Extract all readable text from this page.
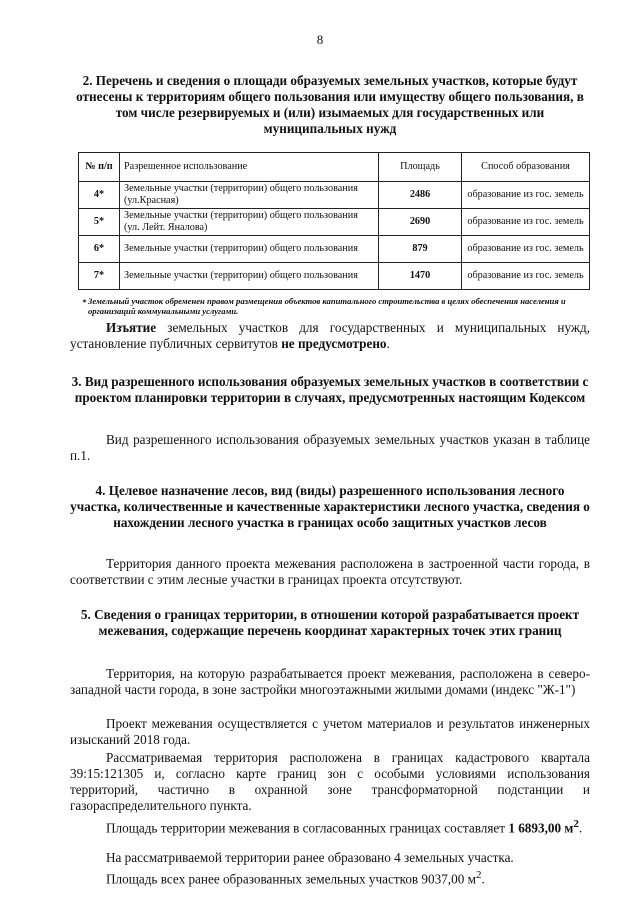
8
2. Перечень и сведения о площади образуемых земельных участков, которые будут отнесены к территориям общего пользования или имуществу общего пользования, в том числе резервируемых и (или) изымаемых для государственных или муниципальных нужд
№ п/п	Разрешенное использование	Площадь	Способ образования
4*	Земельные участки (территории) общего пользования (ул.Красная)	2486	образование из гос. земель
5*	Земельные участки (территории) общего пользования (ул. Лейт. Яналова)	2690	образование из гос. земель
6*	Земельные участки (территории) общего пользования	879	образование из гос. земель
7*	Земельные участки (территории) общего пользования	1470	образование из гос. земель
* Земельный участок обременен правом размещения объектов капитального строительства в целях обеспечения населения и организаций коммунальными услугами.
Изъятие земельных участков для государственных и муниципальных нужд, установление публичных сервитутов не предусмотрено.
3. Вид разрешенного использования образуемых земельных участков в соответствии с проектом планировки территории в случаях, предусмотренных настоящим Кодексом
Вид разрешенного использования образуемых земельных участков указан в таблице п.1.
4. Целевое назначение лесов, вид (виды) разрешенного использования лесного участка, количественные и качественные характеристики лесного участка, сведения о нахождении лесного участка в границах особо защитных участков лесов
Территория данного проекта межевания расположена в застроенной части города, в соответствии с этим лесные участки в границах проекта отсутствуют.
5. Сведения о границах территории, в отношении которой разрабатывается проект межевания, содержащие перечень координат характерных точек этих границ
Территория, на которую разрабатывается проект межевания, расположена в северо-западной части города, в зоне застройки многоэтажными жилыми домами (индекс "Ж-1")
Проект межевания осуществляется с учетом материалов и результатов инженерных изысканий 2018 года.
Рассматриваемая территория расположена в границах кадастрового квартала 39:15:121305 и, согласно карте границ зон с особыми условиями использования территорий, частично в охранной зоне трансформаторной подстанции и газораспределительного пункта.
Площадь территории межевания в согласованных границах составляет 1 6893,00 $м^2$.
На рассматриваемой территории ранее образовано 4 земельных участка.
Площадь всех ранее образованных земельных участков 9037,00 $м^2$.
